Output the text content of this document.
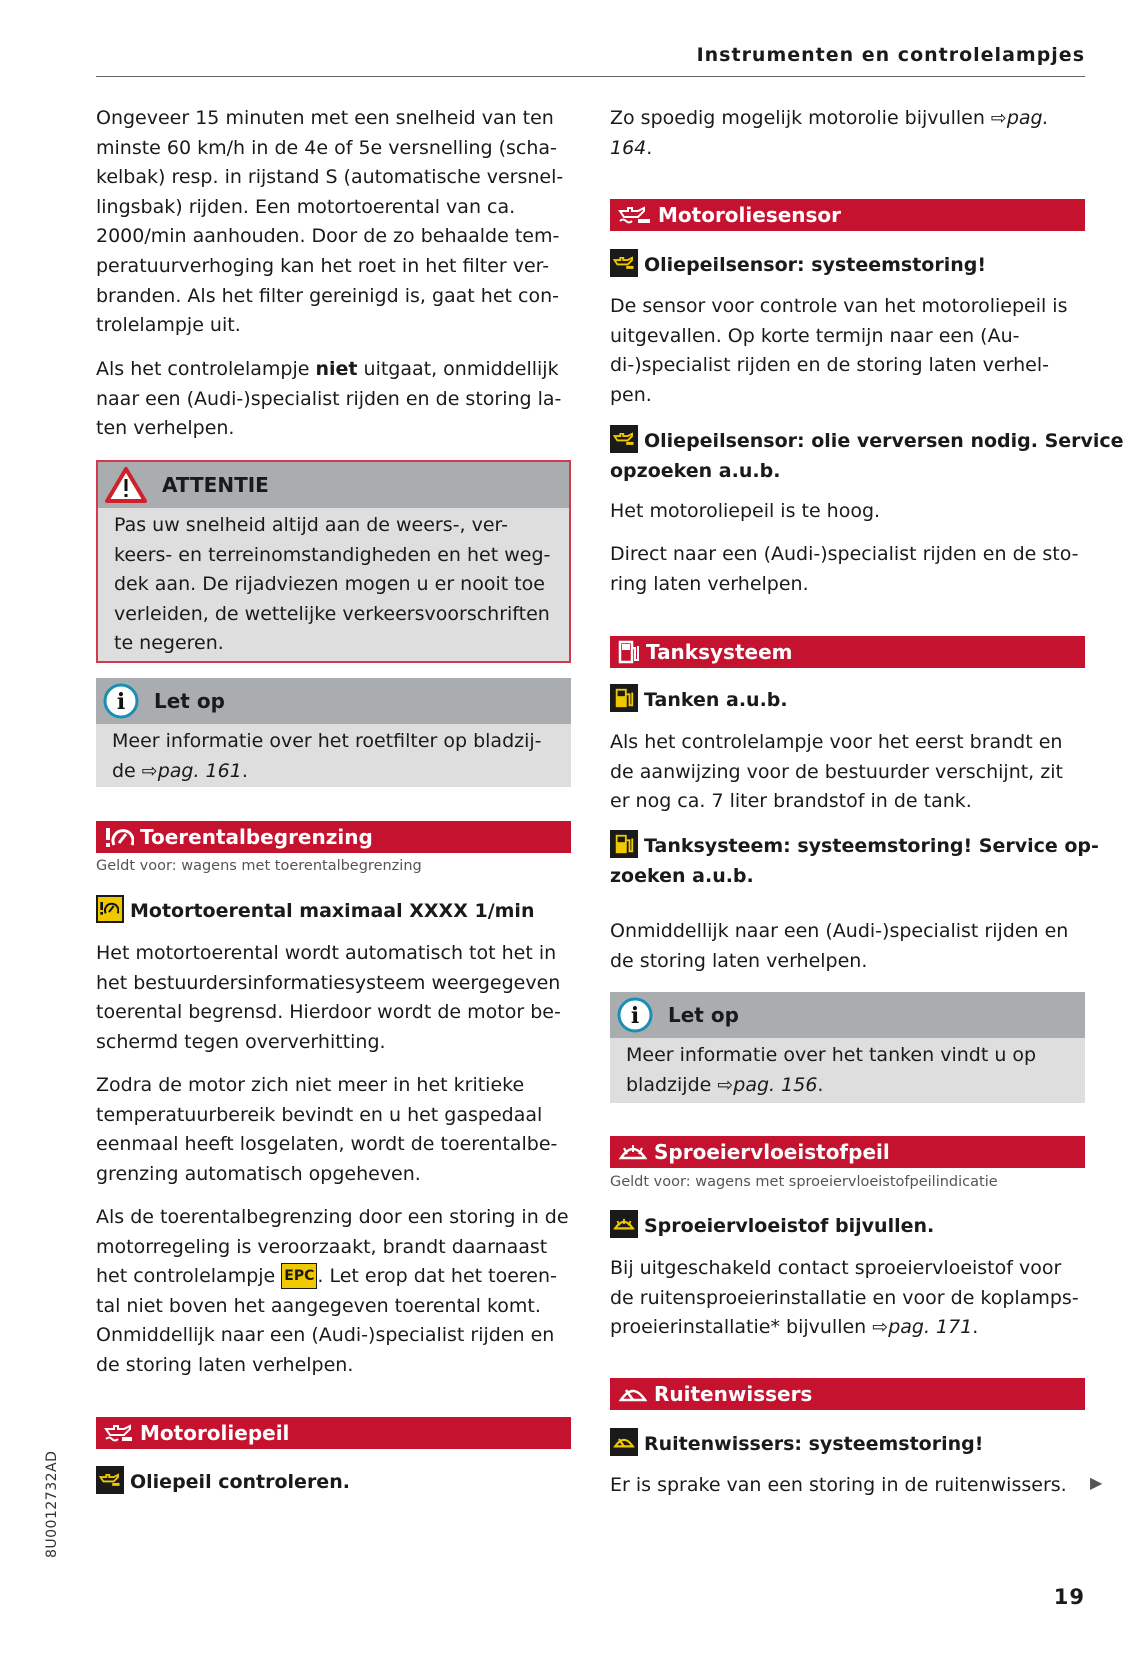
Instrumenten en controlelampjes
Ongeveer 15 minuten met een snelheid van ten
minste 60 km/h in de 4e of 5e versnelling (scha-
kelbak) resp. in rijstand S (automatische versnel-
lingsbak) rijden. Een motortoerental van ca.
2000/min aanhouden. Door de zo behaalde tem-
peratuurverhoging kan het roet in het filter ver-
branden. Als het filter gereinigd is, gaat het con-
trolelampje uit.
Als het controlelampje niet uitgaat, onmiddellijk
naar een (Audi-)specialist rijden en de storing la-
ten verhelpen.
ATTENTIE
Pas uw snelheid altijd aan de weers-, ver-
keers- en terreinomstandigheden en het weg-
dek aan. De rijadviezen mogen u er nooit toe
verleiden, de wettelijke verkeersvoorschriften
te negeren.
i Let op
Meer informatie over het roetfilter op bladzij-
de ⇨pag. 161.
Toerentalbegrenzing
Geldt voor: wagens met toerentalbegrenzing
Motortoerental maximaal XXXX 1/min
Het motortoerental wordt automatisch tot het in
het bestuurdersinformatiesysteem weergegeven
toerental begrensd. Hierdoor wordt de motor be-
schermd tegen oververhitting.
Zodra de motor zich niet meer in het kritieke
temperatuurbereik bevindt en u het gaspedaal
eenmaal heeft losgelaten, wordt de toerentalbe-
grenzing automatisch opgeheven.
Als de toerentalbegrenzing door een storing in de
motorregeling is veroorzaakt, brandt daarnaast
het controlelampje EPC . Let erop dat het toeren-
tal niet boven het aangegeven toerental komt.
Onmiddellijk naar een (Audi-)specialist rijden en
de storing laten verhelpen.
Motoroliepeil
Oliepeil controleren.
Zo spoedig mogelijk motorolie bijvullen ⇨pag.
164.
Motoroliesensor
Oliepeilsensor: systeemstoring!
De sensor voor controle van het motoroliepeil is
uitgevallen. Op korte termijn naar een (Au-
di-)specialist rijden en de storing laten verhel-
pen.
Oliepeilsensor: olie verversen nodig. Service
opzoeken a.u.b.
Het motoroliepeil is te hoog.
Direct naar een (Audi-)specialist rijden en de sto-
ring laten verhelpen.
Tanksysteem
Tanken a.u.b.
Als het controlelampje voor het eerst brandt en
de aanwijzing voor de bestuurder verschijnt, zit
er nog ca. 7 liter brandstof in de tank.
Tanksysteem: systeemstoring! Service op-
zoeken a.u.b.
Onmiddellijk naar een (Audi-)specialist rijden en
de storing laten verhelpen.
i Let op
Meer informatie over het tanken vindt u op
bladzijde ⇨pag. 156.
Sproeiervloeistofpeil
Geldt voor: wagens met sproeiervloeistofpeilindicatie
Sproeiervloeistof bijvullen.
Bij uitgeschakeld contact sproeiervloeistof voor
de ruitensproeierinstallatie en voor de koplamps-
proeierinstallatie* bijvullen ⇨pag. 171.
Ruitenwissers
Ruitenwissers: systeemstoring!
Er is sprake van een storing in de ruitenwissers.	▶
8U0012732AD
19
